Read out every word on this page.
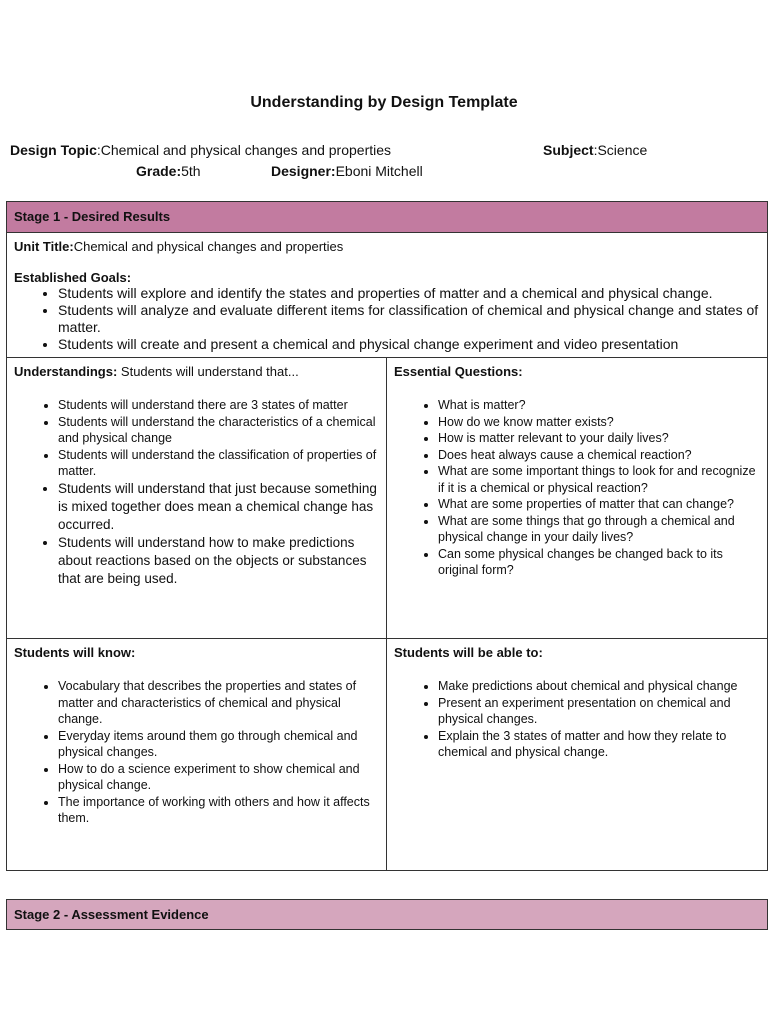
Understanding by Design Template
Design Topic:Chemical and physical changes and properties	Subject:Science
Grade:5th	Designer:Eboni Mitchell
Stage 1 - Desired Results
Unit Title:Chemical and physical changes and properties
Established Goals:
• Students will explore and identify the states and properties of matter and a chemical and physical change.
• Students will analyze and evaluate different items for classification of chemical and physical change and states of matter.
• Students will create and present a chemical and physical change experiment and video presentation
Understandings: Students will understand that...
• Students will understand there are 3 states of matter
• Students will understand the characteristics of a chemical and physical change
• Students will understand the classification of properties of matter.
• Students will understand that just because something is mixed together does mean a chemical change has occurred.
• Students will understand how to make predictions about reactions based on the objects or substances that are being used.
Essential Questions:
• What is matter?
• How do we know matter exists?
• How is matter relevant to your daily lives?
• Does heat always cause a chemical reaction?
• What are some important things to look for and recognize if it is a chemical or physical reaction?
• What are some properties of matter that can change?
• What are some things that go through a chemical and physical change in your daily lives?
• Can some physical changes be changed back to its original form?
Students will know:
• Vocabulary that describes the properties and states of matter and characteristics of chemical and physical change.
• Everyday items around them go through chemical and physical changes.
• How to do a science experiment to show chemical and physical change.
• The importance of working with others and how it affects them.
Students will be able to:
• Make predictions about chemical and physical change
• Present an experiment presentation on chemical and physical changes.
• Explain the 3 states of matter and how they relate to chemical and physical change.
Stage 2 - Assessment Evidence
